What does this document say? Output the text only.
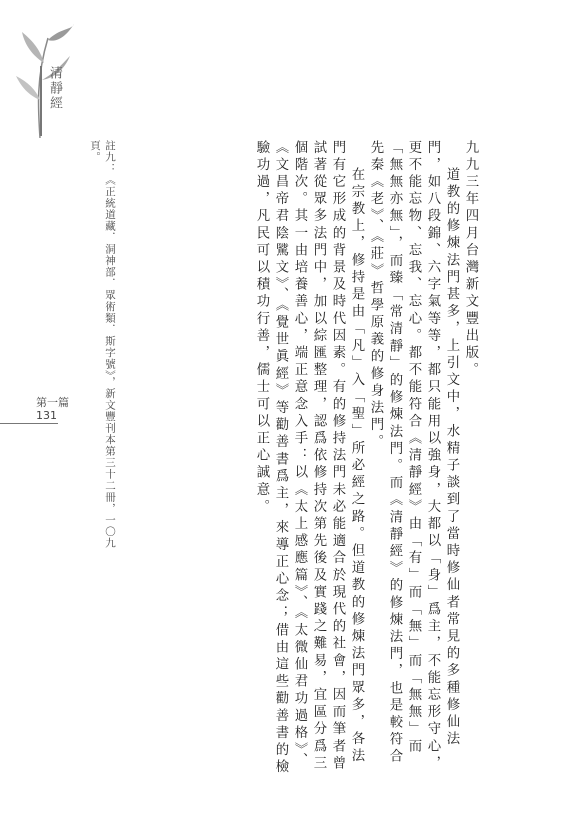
清靜經

九九三年四月台灣新文豐出版。

道教的修煉法門甚多，上引文中，水精子談到了當時修仙者常見的多種修仙法門，如八段錦、六字氣等等，都只能用以強身，大都以「身」爲主，不能忘形守心，更不能忘物、忘我、忘心。都不能符合《清靜經》由「有」而「無」而「無無」而「無無亦無」，而臻「常清靜」的修煉法門。而《清靜經》的修煉法門，也是較符合先秦《老》、《莊》哲學原義的修身法門。

在宗教上，修持是由「凡」入「聖」所必經之路。但道教的修煉法門眾多，各法門有它形成的背景及時代因素。有的修持法門未必能適合於現代的社會，因而筆者曾試著從眾多法門中，加以綜匯整理，認爲依修持次第先後及實踐之難易，宜區分爲三個階次。其一由培養善心，端正意念入手：以《太上感應篇》、《太微仙君功過格》、《文昌帝君陰騭文》、《覺世眞經》等勸善書爲主，來導正心念；借由這些勸善書的檢驗功過，凡民可以積功行善，儒士可以正心誠意。

註九：《正統道藏．洞神部．眾術類．斯字號》，新文豐刊本第三十二冊，一〇九頁。
第一篇
131
